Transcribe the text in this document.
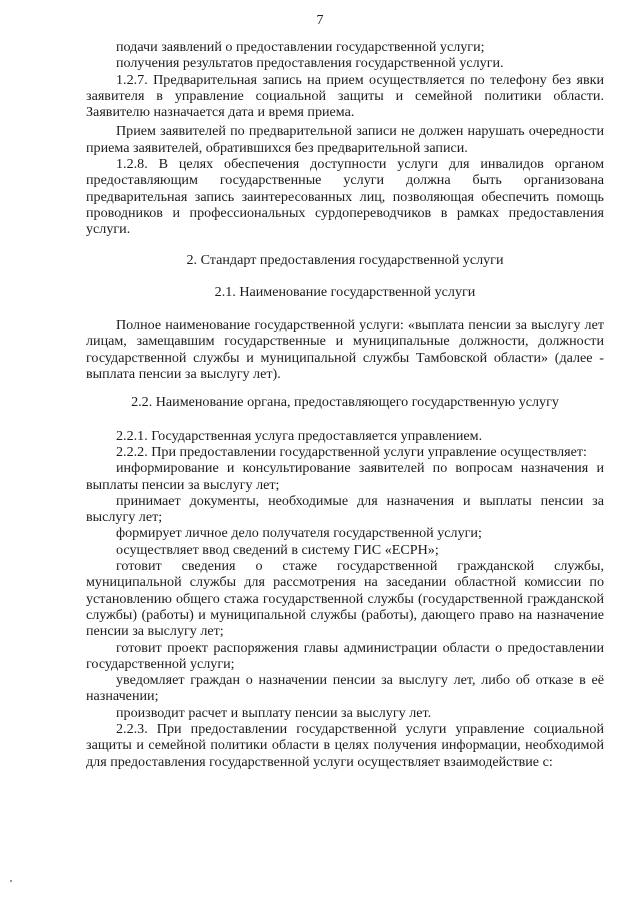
7

подачи заявлений о предоставлении государственной услуги;

получения результатов предоставления государственной услуги.

1.2.7. Предварительная запись на прием осуществляется по телефону без явки заявителя в управление социальной защиты и семейной политики области. Заявителю назначается дата и время приема.

Прием заявителей по предварительной записи не должен нарушать очередности приема заявителей, обратившихся без предварительной записи.

1.2.8. В целях обеспечения доступности услуги для инвалидов органом предоставляющим государственные услуги должна быть организована предварительная запись заинтересованных лиц, позволяющая обеспечить помощь проводников и профессиональных сурдопереводчиков в рамках предоставления услуги.

2. Стандарт предоставления государственной услуги

2.1. Наименование государственной услуги

Полное наименование государственной услуги: «выплата пенсии за выслугу лет лицам, замещавшим государственные и муниципальные должности, должности государственной службы и муниципальной службы Тамбовской области» (далее - выплата пенсии за выслугу лет).

2.2. Наименование органа, предоставляющего государственную услугу

2.2.1. Государственная услуга предоставляется управлением.

2.2.2. При предоставлении государственной услуги управление осуществляет:

информирование и консультирование заявителей по вопросам назначения и выплаты пенсии за выслугу лет;

принимает документы, необходимые для назначения и выплаты пенсии за выслугу лет;

формирует личное дело получателя государственной услуги;

осуществляет ввод сведений в систему ГИС «ЕСРН»;

готовит сведения о стаже государственной гражданской службы, муниципальной службы для рассмотрения на заседании областной комиссии по установлению общего стажа государственной службы (государственной гражданской службы) (работы) и муниципальной службы (работы), дающего право на назначение пенсии за выслугу лет;

готовит проект распоряжения главы администрации области о предоставлении государственной услуги;

уведомляет граждан о назначении пенсии за выслугу лет, либо об отказе в её назначении;

производит расчет и выплату пенсии за выслугу лет.

2.2.3. При предоставлении государственной услуги управление социальной защиты и семейной политики области в целях получения информации, необходимой для предоставления государственной услуги осуществляет взаимодействие с:
